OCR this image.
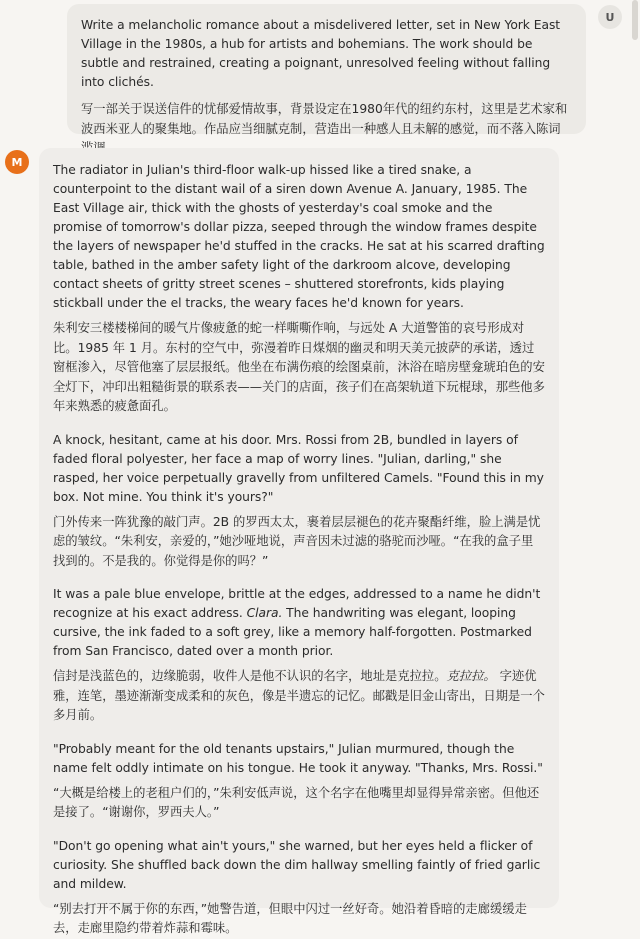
Write a melancholic romance about a misdelivered letter, set in New York East Village in the 1980s, a hub for artists and bohemians. The work should be subtle and restrained, creating a poignant, unresolved feeling without falling into clichés.

写一部关于误送信件的忧郁爱情故事，背景设定在1980年代的纽约东村，这里是艺术家和波西米亚人的聚集地。作品应当细腻克制，营造出一种感人且未解的感觉，而不落入陈词

U
M

The radiator in Julian's third-floor walk-up hissed like a tired snake, a counterpoint to the distant wail of a siren down Avenue A. January, 1985. The East Village air, thick with the ghosts of yesterday's coal smoke and the promise of tomorrow's dollar pizza, seeped through the window frames despite the layers of newspaper he'd stuffed in the cracks. He sat at his scarred drafting table, bathed in the amber safety light of the darkroom alcove, developing contact sheets of gritty street scenes – shuttered storefronts, kids playing stickball under the el tracks, the weary faces he'd known for years.

朱利安三楼楼梯间的暖气片像疲惫的蛇一样嘶嘶作响，与远处 A 大道警笛的哀号形成对比。1985 年 1 月。东村的空气中，弥漫着昨日煤烟的幽灵和明天美元披萨的承诺，透过窗框渗入，尽管他塞了层层报纸。他坐在布满伤痕的绘图桌前，沐浴在暗房壁龛琥珀色的安全灯下，冲印出粗糙街景的联系表——关门的店面，孩子们在高架轨道下玩棍球，那些他多年来熟悉的疲惫面孔。

A knock, hesitant, came at his door. Mrs. Rossi from 2B, bundled in layers of faded floral polyester, her face a map of worry lines. "Julian, darling," she rasped, her voice perpetually gravelly from unfiltered Camels. "Found this in my box. Not mine. You think it's yours?"

门外传来一阵犹豫的敲门声。2B 的罗西太太，裹着层层褪色的花卉聚酯纤维，脸上满是忧虑的皱纹。“朱利安，亲爱的，”她沙哑地说，声音因未过滤的骆驼而沙哑。“在我的盒子里找到的。不是我的。你觉得是你的吗？”

It was a pale blue envelope, brittle at the edges, addressed to a name he didn't recognize at his exact address. Clara. The handwriting was elegant, looping cursive, the ink faded to a soft grey, like a memory half-forgotten. Postmarked from San Francisco, dated over a month prior.

信封是浅蓝色的，边缘脆弱，收件人是他不认识的名字，地址是克拉拉。克拉拉。 字迹优雅，连笔，墨迹渐渐变成柔和的灰色，像是半遗忘的记忆。邮戳是旧金山寄出，日期是一个多月前。

"Probably meant for the old tenants upstairs," Julian murmured, though the name felt oddly intimate on his tongue. He took it anyway. "Thanks, Mrs. Rossi."

“大概是给楼上的老租户们的，”朱利安低声说，这个名字在他嘴里却显得异常亲密。但他还是接了。“谢谢你，罗西夫人。”

"Don't go opening what ain't yours," she warned, but her eyes held a flicker of curiosity. She shuffled back down the dim hallway smelling faintly of fried garlic and mildew.

“别去打开不属于你的东西，”她警告道，但眼中闪过一丝好奇。她沿着昏暗的走廊缓缓走去，走廊里隐约带着炸蒜和霉味。
